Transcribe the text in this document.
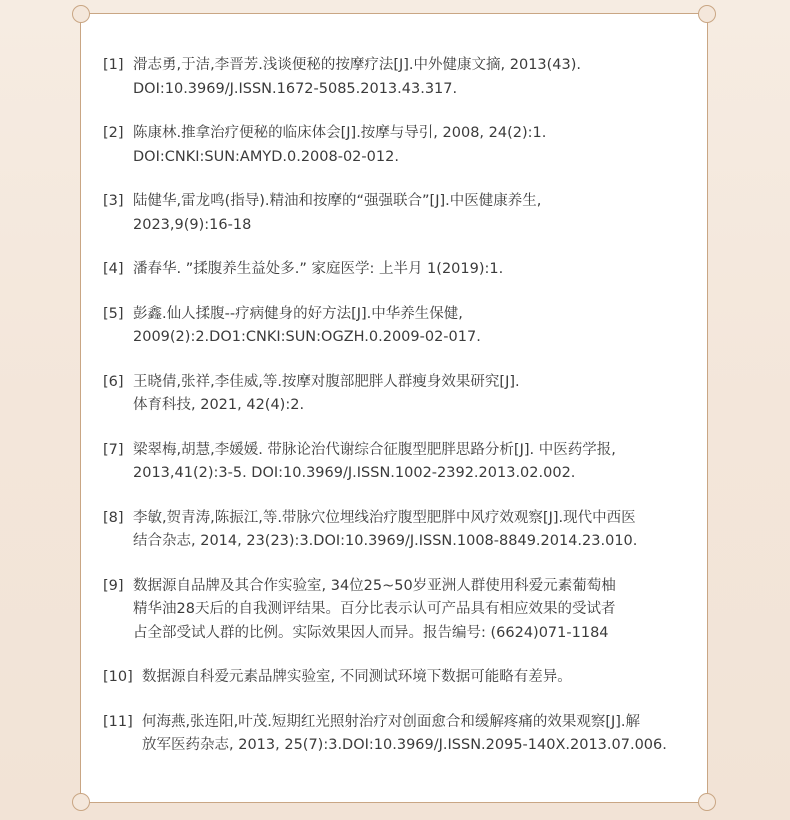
[1] 滑志勇,于洁,李晋芳.浅谈便秘的按摩疗法[J].中外健康文摘, 2013(43).
DOI:10.3969/J.ISSN.1672-5085.2013.43.317.
[2] 陈康林.推拿治疗便秘的临床体会[J].按摩与导引, 2008, 24(2):1.
DOI:CNKI:SUN:AMYD.0.2008-02-012.
[3] 陆健华,雷龙鸣(指导).精油和按摩的“强强联合”[J].中医健康养生,
2023,9(9):16-18
[4] 潘春华. ”揉腹养生益处多.” 家庭医学: 上半月 1(2019):1.
[5] 彭鑫.仙人揉腹--疗病健身的好方法[J].中华养生保健,
2009(2):2.DO1:CNKI:SUN:OGZH.0.2009-02-017.
[6] 王晓倩,张祥,李佳威,等.按摩对腹部肥胖人群瘦身效果研究[J].
体育科技, 2021, 42(4):2.
[7] 梁翠梅,胡慧,李媛媛. 带脉论治代谢综合征腹型肥胖思路分析[J]. 中医药学报,
2013,41(2):3-5. DOI:10.3969/J.ISSN.1002-2392.2013.02.002.
[8] 李敏,贺青涛,陈振江,等.带脉穴位埋线治疗腹型肥胖中风疗效观察[J].现代中西医
结合杂志, 2014, 23(23):3.DOI:10.3969/J.ISSN.1008-8849.2014.23.010.
[9] 数据源自品牌及其合作实验室, 34位25~50岁亚洲人群使用科爱元素葡萄柚
精华油28天后的自我测评结果。百分比表示认可产品具有相应效果的受试者
占全部受试人群的比例。实际效果因人而异。报告编号: (6624)071-1184
[10] 数据源自科爱元素品牌实验室, 不同测试环境下数据可能略有差异。
[11] 何海燕,张连阳,叶茂.短期红光照射治疗对创面愈合和缓解疼痛的效果观察[J].解
放军医药杂志, 2013, 25(7):3.DOI:10.3969/J.ISSN.2095-140X.2013.07.006.
